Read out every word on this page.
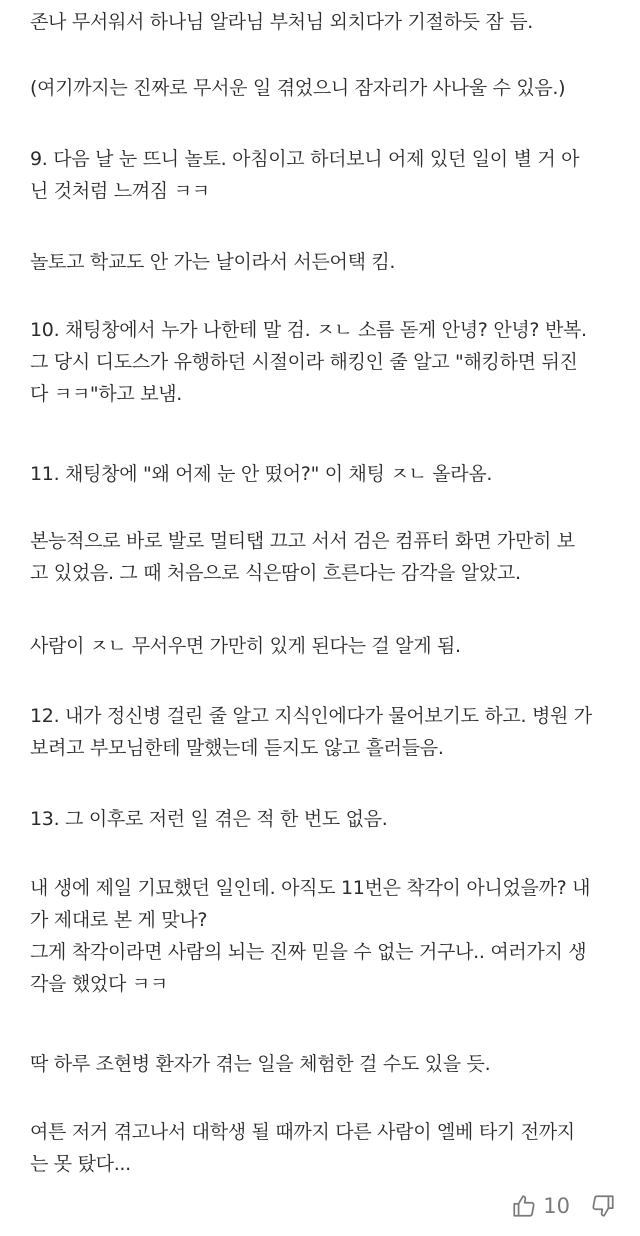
존나 무서워서 하나님 알라님 부처님 외치다가 기절하듯 잠 듬.

(여기까지는 진짜로 무서운 일 겪었으니 잠자리가 사나울 수 있음.)

9. 다음 날 눈 뜨니 놀토. 아침이고 하더보니 어제 있던 일이 별 거 아
닌 것처럼 느껴짐 ㅋㅋ

놀토고 학교도 안 가는 날이라서 서든어택 킴.

10. 채팅창에서 누가 나한테 말 검. ㅈㄴ 소름 돋게 안녕? 안녕? 반복.
그 당시 디도스가 유행하던 시절이라 해킹인 줄 알고 "해킹하면 뒤진
다 ㅋㅋ"하고 보냄.

11. 채팅창에 "왜 어제 눈 안 떴어?" 이 채팅 ㅈㄴ 올라옴.

본능적으로 바로 발로 멀티탭 끄고 서서 검은 컴퓨터 화면 가만히 보
고 있었음. 그 때 처음으로 식은땀이 흐른다는 감각을 알았고.

사람이 ㅈㄴ 무서우면 가만히 있게 된다는 걸 알게 됨.

12. 내가 정신병 걸린 줄 알고 지식인에다가 물어보기도 하고. 병원 가
보려고 부모님한테 말했는데 듣지도 않고 흘러들음.

13. 그 이후로 저런 일 겪은 적 한 번도 없음.

내 생에 제일 기묘했던 일인데. 아직도 11번은 착각이 아니었을까? 내
가 제대로 본 게 맞나?
그게 착각이라면 사람의 뇌는 진짜 믿을 수 없는 거구나.. 여러가지 생
각을 했었다 ㅋㅋ

딱 하루 조현병 환자가 겪는 일을 체험한 걸 수도 있을 듯.

여튼 저거 겪고나서 대학생 될 때까지 다른 사람이 엘베 타기 전까지
는 못 탔다...

10
